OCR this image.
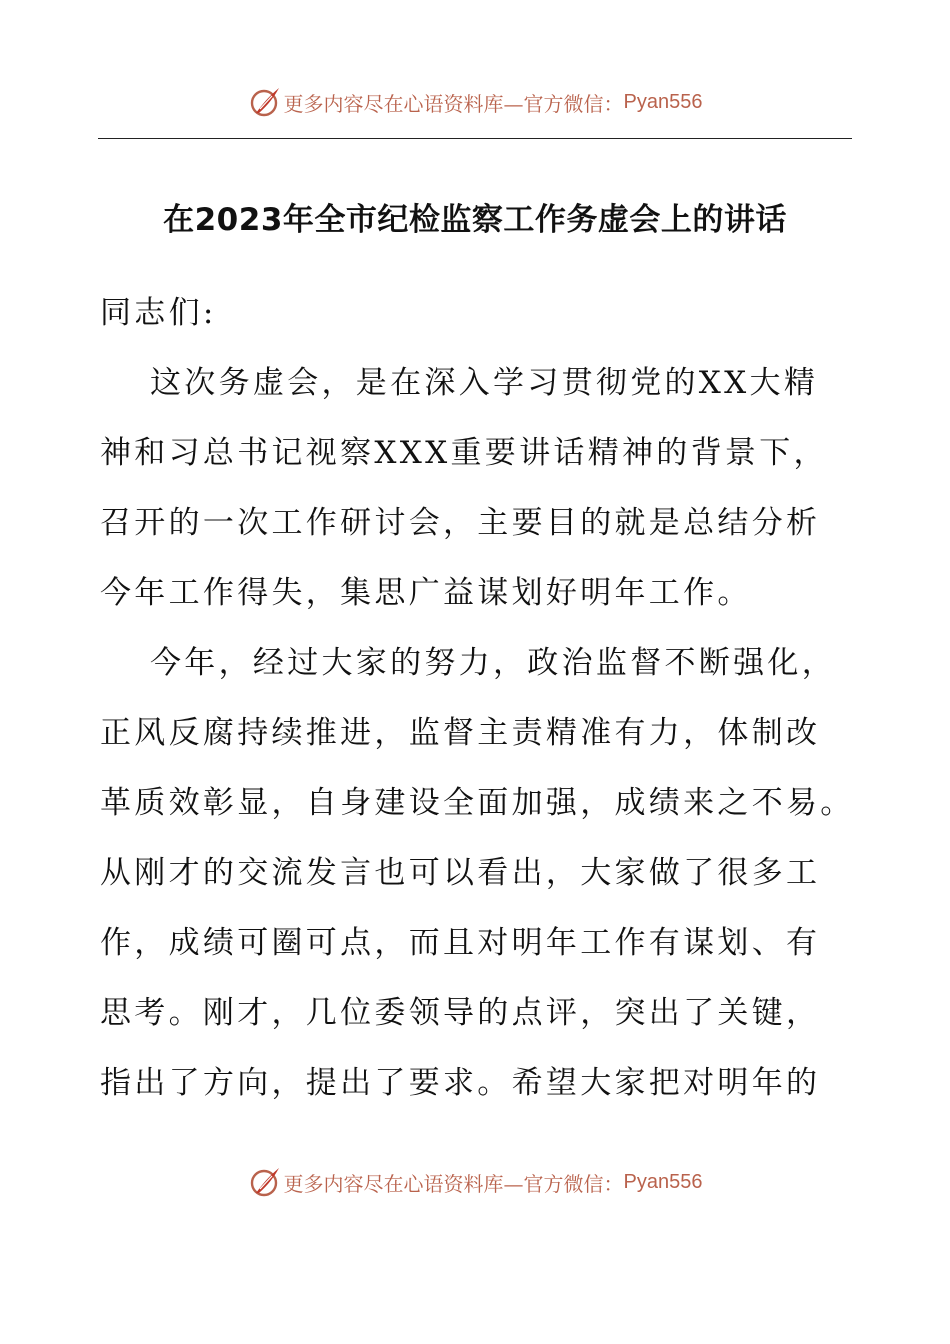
更多内容尽在心语资料库—官方微信： Pyan556
在2023年全市纪检监察工作务虚会上的讲话
同志们:
这次务虚会，是在深入学习贯彻党的XX大精
神和习总书记视察XXX重要讲话精神的背景下，
召开的一次工作研讨会，主要目的就是总结分析
今年工作得失，集思广益谋划好明年工作。
今年，经过大家的努力，政治监督不断强化，
正风反腐持续推进，监督主责精准有力，体制改
革质效彰显，自身建设全面加强，成绩来之不易。
从刚才的交流发言也可以看出，大家做了很多工
作，成绩可圈可点，而且对明年工作有谋划、有
思考。刚才，几位委领导的点评，突出了关键，
指出了方向，提出了要求。希望大家把对明年的
更多内容尽在心语资料库—官方微信： Pyan556
